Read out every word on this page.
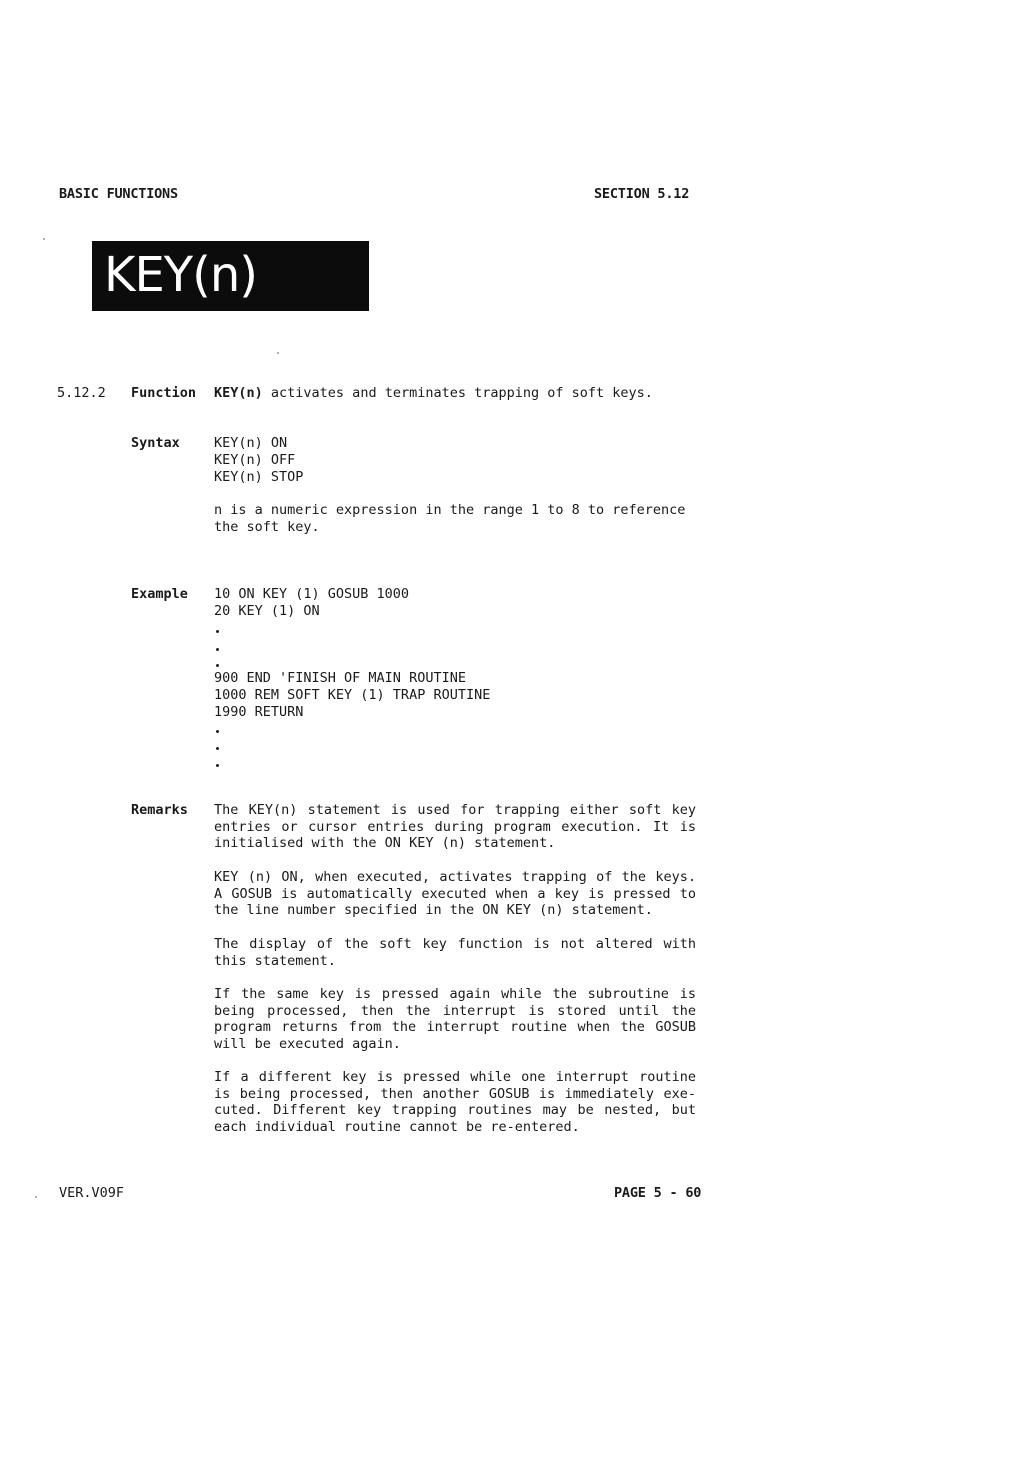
BASIC FUNCTIONS	SECTION 5.12
KEY(n)
5.12.2 Function KEY(n) activates and terminates trapping of soft keys.
Syntax	KEY(n) ON
KEY(n) OFF
KEY(n) STOP
n is a numeric expression in the range 1 to 8 to reference
the soft key.
Example 10 ON KEY (1) GOSUB 1000
20 KEY (1) ON
900 END 'FINISH OF MAIN ROUTINE
1000 REM SOFT KEY (1) TRAP ROUTINE
1990 RETURN
Remarks The KEY(n) statement is used for trapping either soft key entries or cursor entries during program execution. It is initialised with the ON KEY (n) statement.

KEY (n) ON, when executed, activates trapping of the keys. A GOSUB is automatically executed when a key is pressed to the line number specified in the ON KEY (n) statement.

The display of the soft key function is not altered with this statement.

If the same key is pressed again while the subroutine is being processed, then the interrupt is stored until the program returns from the interrupt routine when the GOSUB will be executed again.

If a different key is pressed while one interrupt routine is being processed, then another GOSUB is immediately exe- cuted. Different key trapping routines may be nested, but each individual routine cannot be re-entered.

VER.V09F	PAGE 5 - 60
